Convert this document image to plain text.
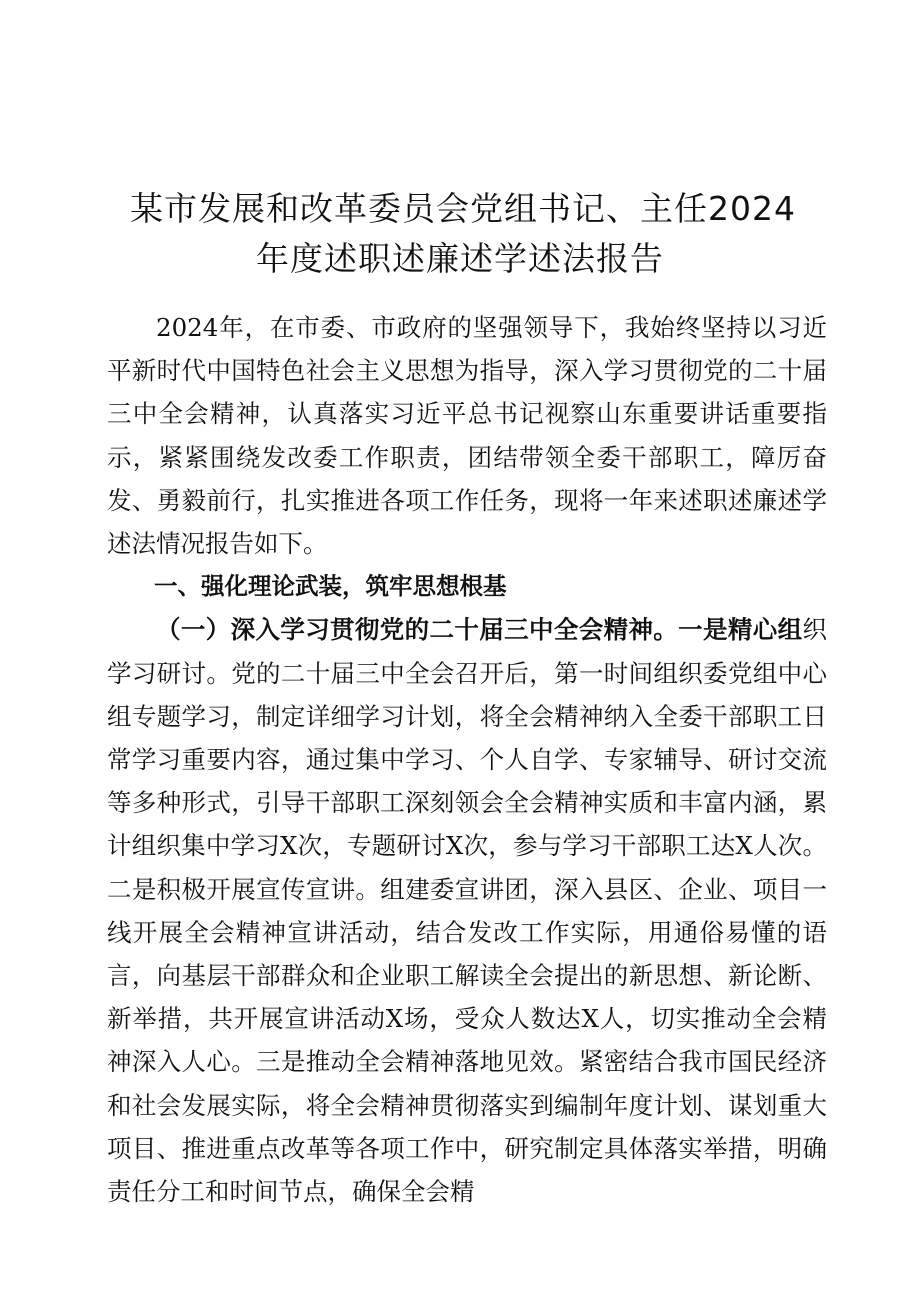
某市发展和改革委员会党组书记、主任2024
年度述职述廉述学述法报告

2024年，在市委、市政府的坚强领导下，我始终坚持以习近平新时代中国特色社会主义思想为指导，深入学习贯彻党的二十届三中全会精神，认真落实习近平总书记视察山东重要讲话重要指示，紧紧围绕发改委工作职责，团结带领全委干部职工，障厉奋发、勇毅前行，扎实推进各项工作任务，现将一年来述职述廉述学述法情况报告如下。

一、强化理论武装，筑牢思想根基

（一）深入学习贯彻党的二十届三中全会精神。一是精心组织学习研讨。党的二十届三中全会召开后，第一时间组织委党组中心组专题学习，制定详细学习计划，将全会精神纳入全委干部职工日常学习重要内容，通过集中学习、个人自学、专家辅导、研讨交流等多种形式，引导干部职工深刻领会全会精神实质和丰富内涵，累计组织集中学习X次，专题研讨X次，参与学习干部职工达X人次。二是积极开展宣传宣讲。组建委宣讲团，深入县区、企业、项目一线开展全会精神宣讲活动，结合发改工作实际，用通俗易懂的语言，向基层干部群众和企业职工解读全会提出的新思想、新论断、新举措，共开展宣讲活动X场，受众人数达X人，切实推动全会精神深入人心。三是推动全会精神落地见效。紧密结合我市国民经济和社会发展实际，将全会精神贯彻落实到编制年度计划、谋划重大项目、推进重点改革等各项工作中，研究制定具体落实举措，明确责任分工和时间节点，确保全会精
